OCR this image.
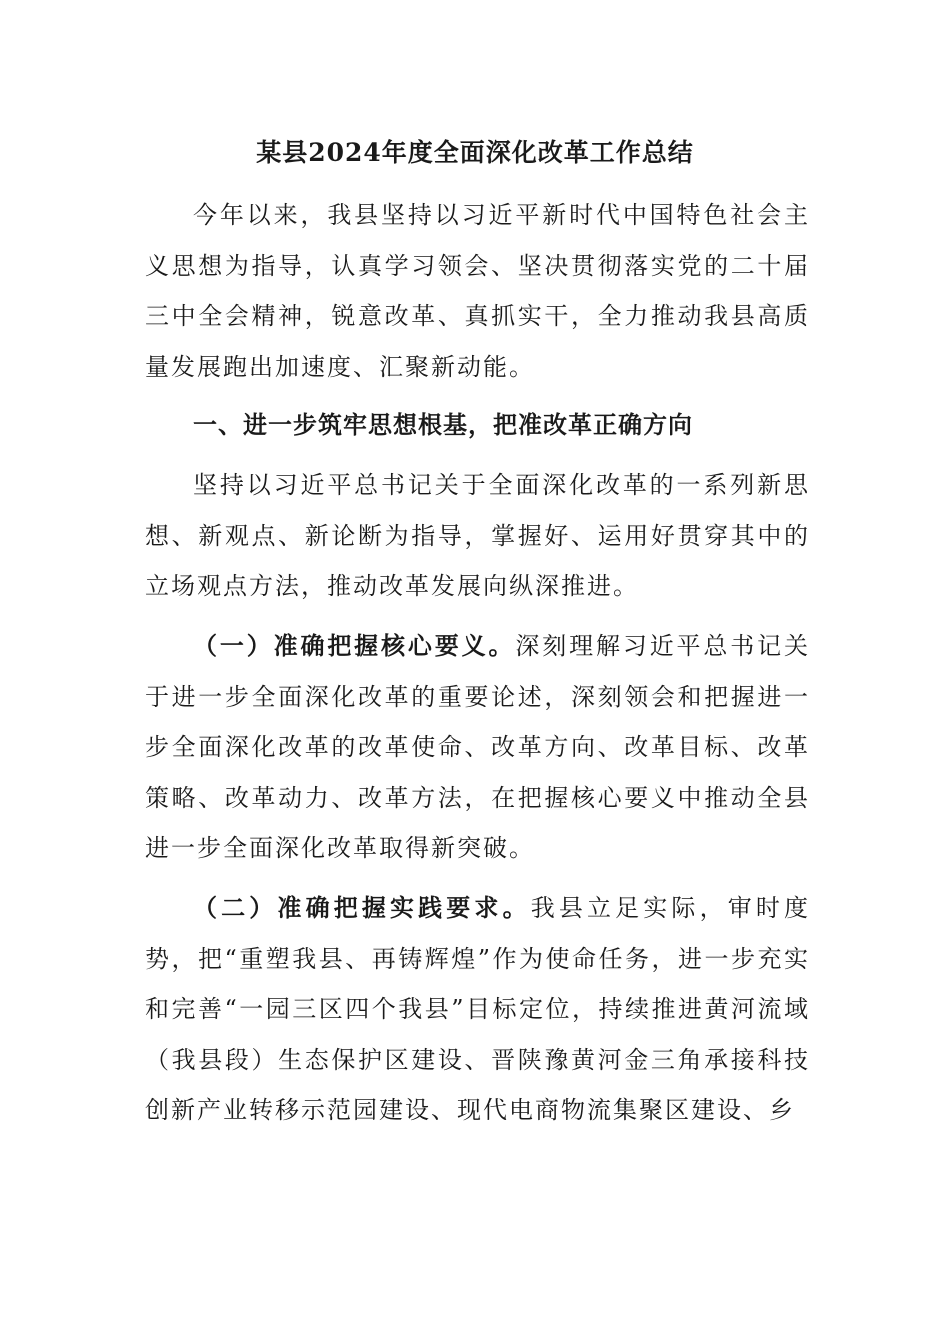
某县2024年度全面深化改革工作总结

今年以来，我县坚持以习近平新时代中国特色社会主义思想为指导，认真学习领会、坚决贯彻落实党的二十届三中全会精神，锐意改革、真抓实干，全力推动我县高质量发展跑出加速度、汇聚新动能。

一、进一步筑牢思想根基，把准改革正确方向

坚持以习近平总书记关于全面深化改革的一系列新思想、新观点、新论断为指导，掌握好、运用好贯穿其中的立场观点方法，推动改革发展向纵深推进。

（一）准确把握核心要义。深刻理解习近平总书记关于进一步全面深化改革的重要论述，深刻领会和把握进一步全面深化改革的改革使命、改革方向、改革目标、改革策略、改革动力、改革方法，在把握核心要义中推动全县进一步全面深化改革取得新突破。

（二）准确把握实践要求。我县立足实际，审时度势，把“重塑我县、再铸辉煌”作为使命任务，进一步充实和完善“一园三区四个我县”目标定位，持续推进黄河流域（我县段）生态保护区建设、晋陕豫黄河金三角承接科技创新产业转移示范园建设、现代电商物流集聚区建设、乡
